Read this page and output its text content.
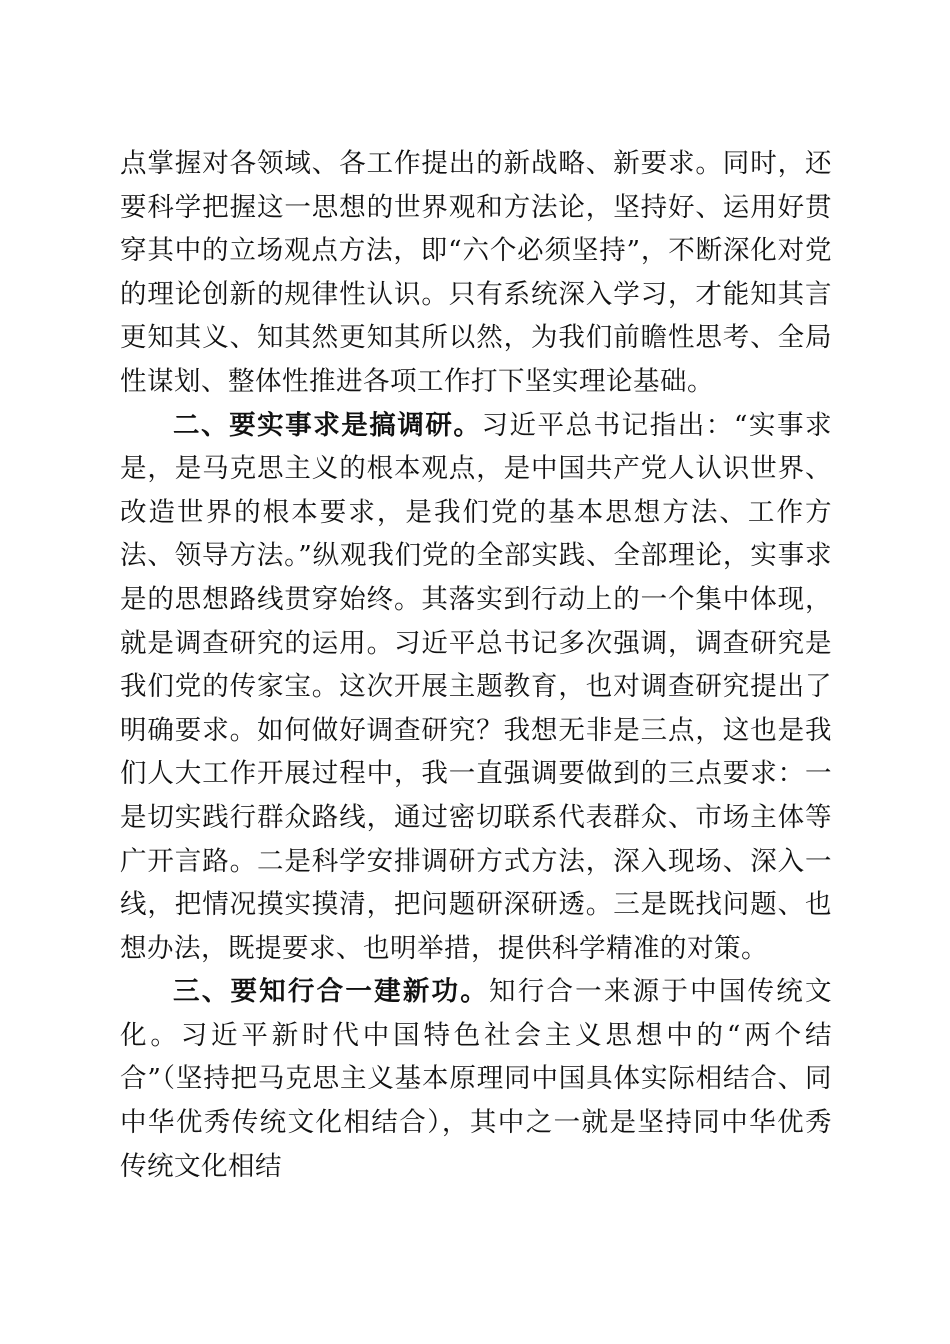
点掌握对各领域、各工作提出的新战略、新要求。同时，还要科学把握这一思想的世界观和方法论，坚持好、运用好贯穿其中的立场观点方法，即“六个必须坚持”，不断深化对党的理论创新的规律性认识。只有系统深入学习，才能知其言更知其义、知其然更知其所以然，为我们前瞻性思考、全局性谋划、整体性推进各项工作打下坚实理论基础。

二、要实事求是搞调研。习近平总书记指出：“实事求是，是马克思主义的根本观点，是中国共产党人认识世界、改造世界的根本要求，是我们党的基本思想方法、工作方法、领导方法。”纵观我们党的全部实践、全部理论，实事求是的思想路线贯穿始终。其落实到行动上的一个集中体现，就是调查研究的运用。习近平总书记多次强调，调查研究是我们党的传家宝。这次开展主题教育，也对调查研究提出了明确要求。如何做好调查研究？我想无非是三点，这也是我们人大工作开展过程中，我一直强调要做到的三点要求：一是切实践行群众路线，通过密切联系代表群众、市场主体等广开言路。二是科学安排调研方式方法，深入现场、深入一线，把情况摸实摸清，把问题研深研透。三是既找问题、也想办法，既提要求、也明举措，提供科学精准的对策。

三、要知行合一建新功。知行合一来源于中国传统文化。习近平新时代中国特色社会主义思想中的“两个结合”（坚持把马克思主义基本原理同中国具体实际相结合、同中华优秀传统文化相结合），其中之一就是坚持同中华优秀传统文化相结
